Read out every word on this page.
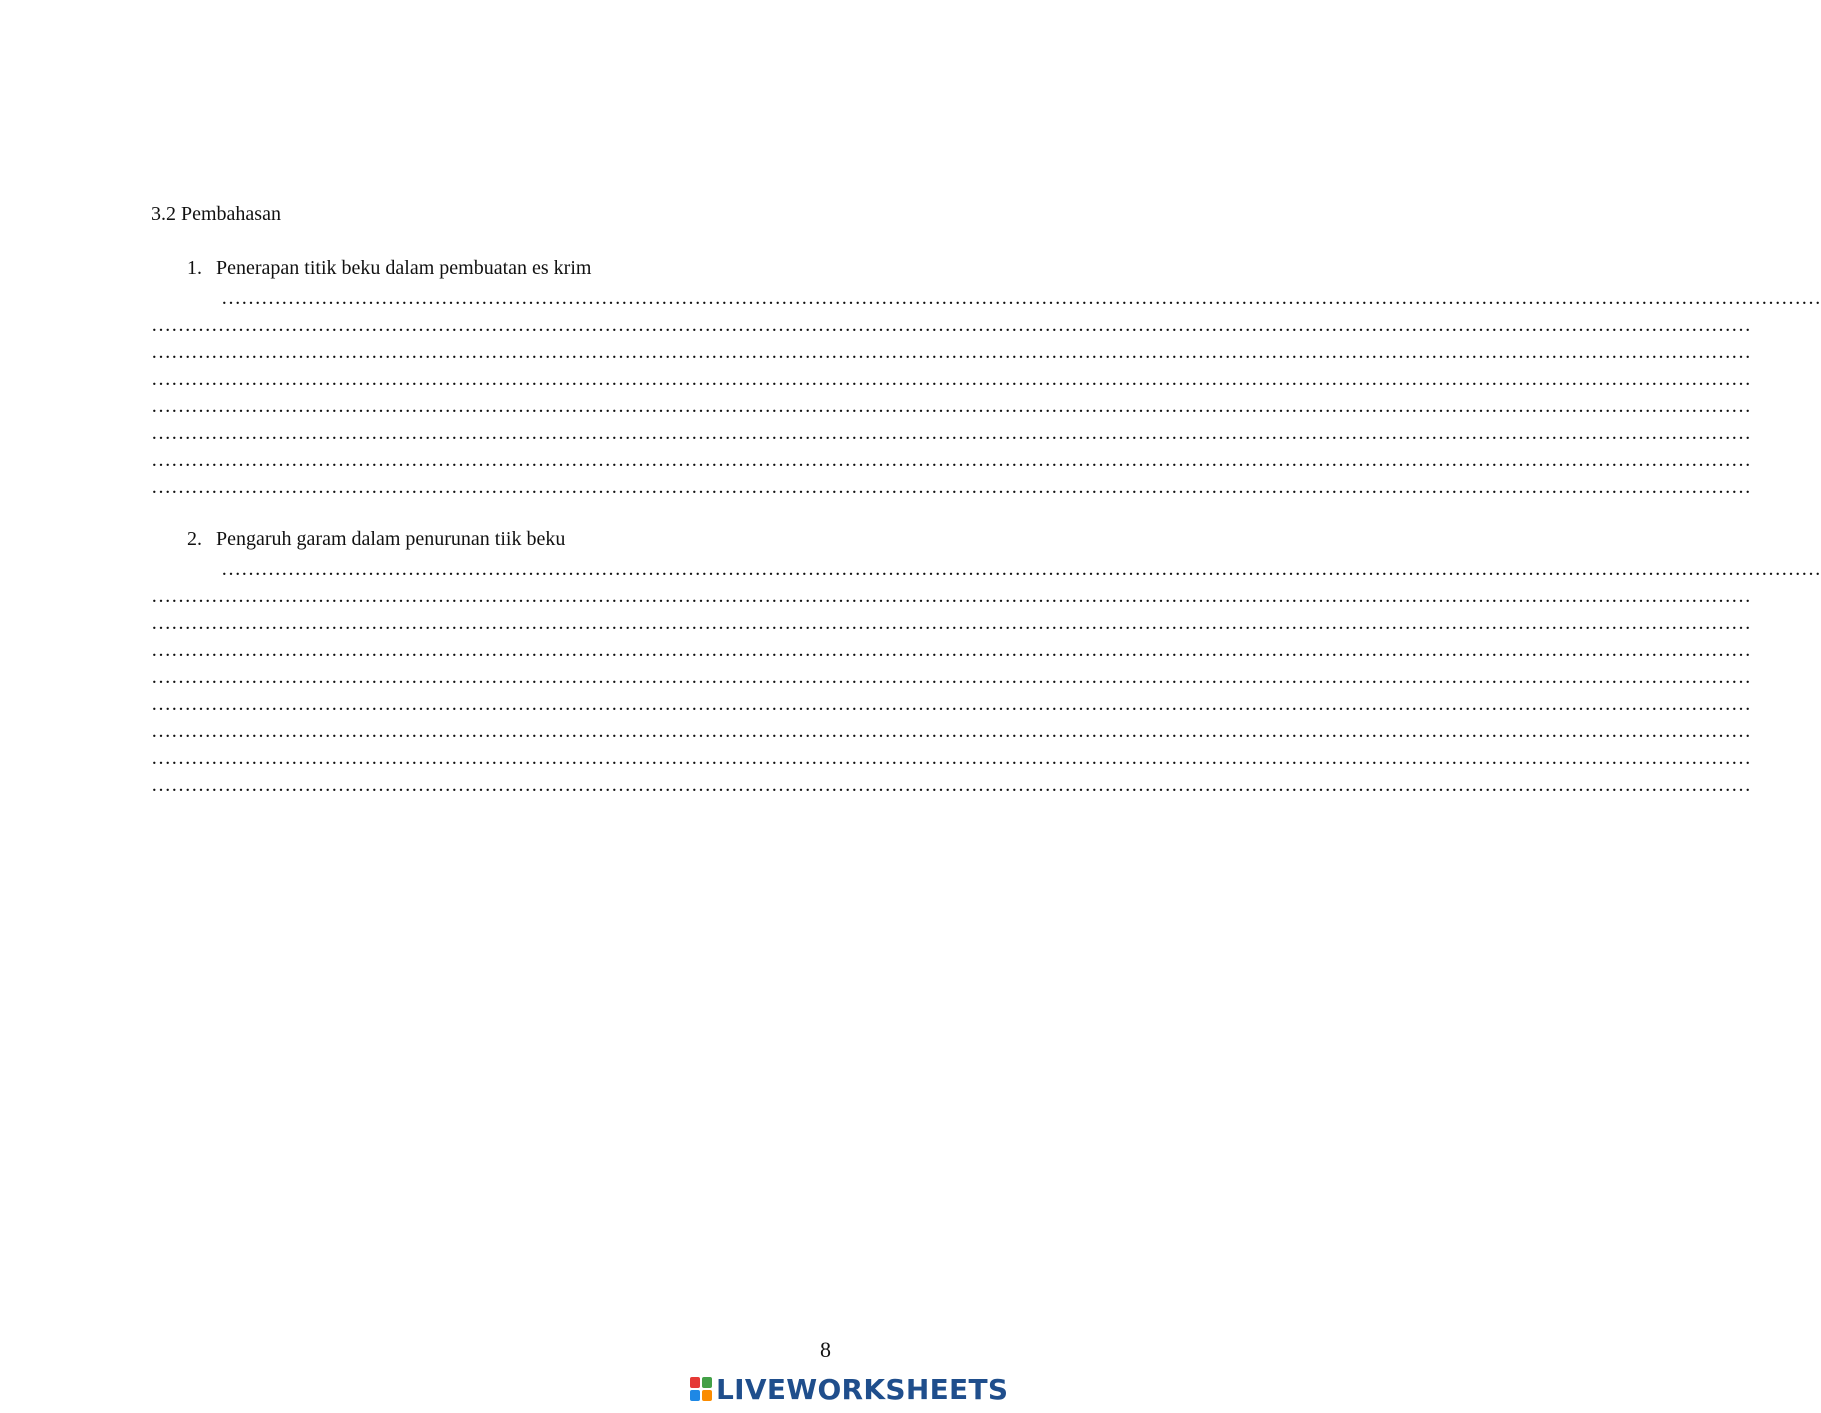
3.2 Pembahasan
1. Penerapan titik beku dalam pembuatan es krim
……………………………………………………………………………………………………………………………………………………………………………………………………………………
……………………………………………………………………………………………………………………………………………………………………………………………………………………
……………………………………………………………………………………………………………………………………………………………………………………………………………………
……………………………………………………………………………………………………………………………………………………………………………………………………………………
……………………………………………………………………………………………………………………………………………………………………………………………………………………
……………………………………………………………………………………………………………………………………………………………………………………………………………………
……………………………………………………………………………………………………………………………………………………………………………………………………………………
……………………………………………………………………………………………………………………………………………………………………………………………………………………
2. Pengaruh garam dalam penurunan tiik beku
……………………………………………………………………………………………………………………………………………………………………………………………………………………
……………………………………………………………………………………………………………………………………………………………………………………………………………………
……………………………………………………………………………………………………………………………………………………………………………………………………………………
……………………………………………………………………………………………………………………………………………………………………………………………………………………
……………………………………………………………………………………………………………………………………………………………………………………………………………………
……………………………………………………………………………………………………………………………………………………………………………………………………………………
……………………………………………………………………………………………………………………………………………………………………………………………………………………
……………………………………………………………………………………………………………………………………………………………………………………………………………………
……………………………………………………………………………………………………………………………………………………………………………………………………………………
8
LIVEWORKSHEETS
